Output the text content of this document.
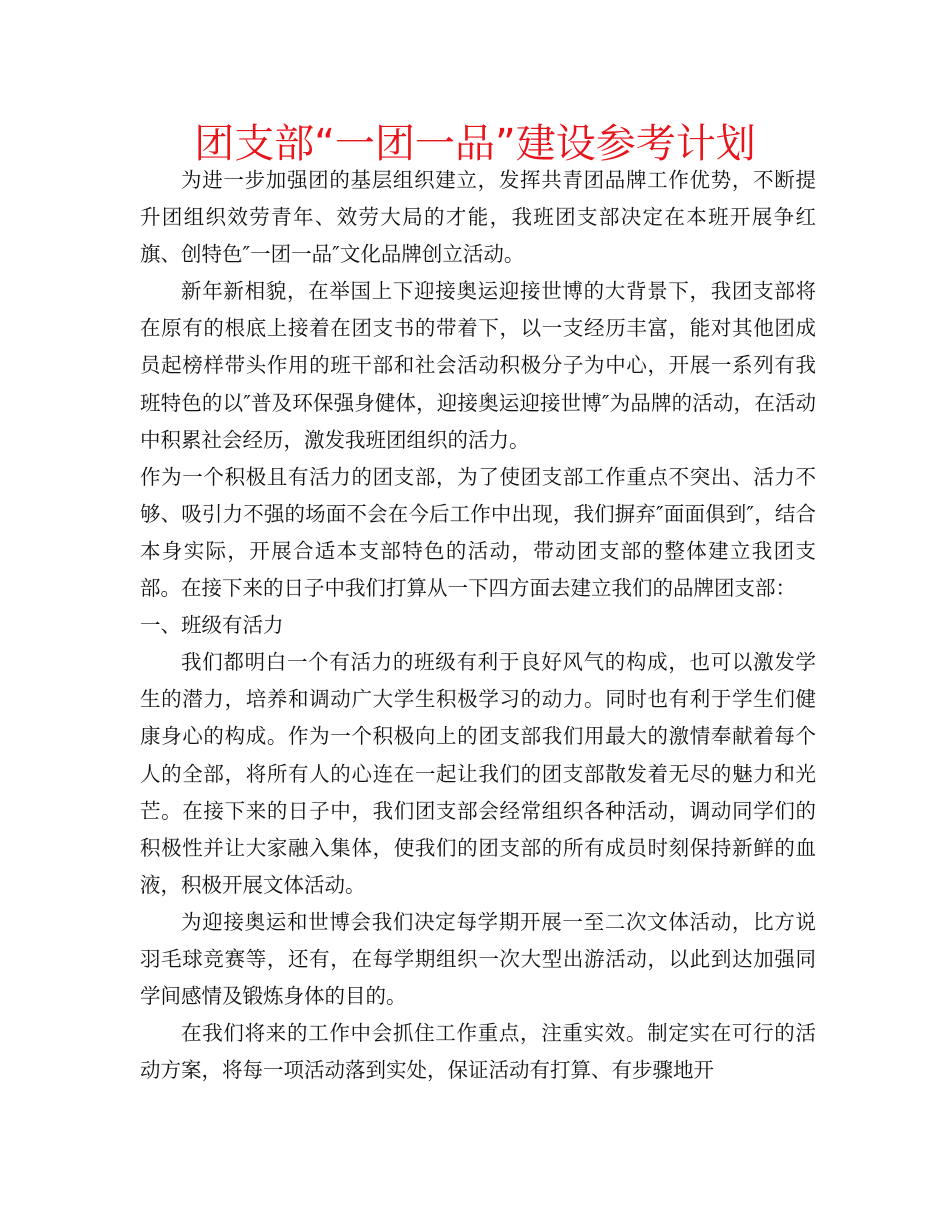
团支部“一团一品”建设参考计划

为进一步加强团的基层组织建立，发挥共青团品牌工作优势，不断提升团组织效劳青年、效劳大局的才能，我班团支部决定在本班开展争红旗、创特色″一团一品″文化品牌创立活动。

新年新相貌，在举国上下迎接奥运迎接世博的大背景下，我团支部将在原有的根底上接着在团支书的带着下，以一支经历丰富，能对其他团成员起榜样带头作用的班干部和社会活动积极分子为中心，开展一系列有我班特色的以″普及环保强身健体，迎接奥运迎接世博″为品牌的活动，在活动中积累社会经历，激发我班团组织的活力。

作为一个积极且有活力的团支部，为了使团支部工作重点不突出、活力不够、吸引力不强的场面不会在今后工作中出现，我们摒弃″面面俱到″，结合本身实际，开展合适本支部特色的活动，带动团支部的整体建立我团支部。在接下来的日子中我们打算从一下四方面去建立我们的品牌团支部：

一、班级有活力

我们都明白一个有活力的班级有利于良好风气的构成，也可以激发学生的潜力，培养和调动广大学生积极学习的动力。同时也有利于学生们健康身心的构成。作为一个积极向上的团支部我们用最大的激情奉献着每个人的全部，将所有人的心连在一起让我们的团支部散发着无尽的魅力和光芒。在接下来的日子中，我们团支部会经常组织各种活动，调动同学们的积极性并让大家融入集体，使我们的团支部的所有成员时刻保持新鲜的血液，积极开展文体活动。

为迎接奥运和世博会我们决定每学期开展一至二次文体活动，比方说羽毛球竞赛等，还有，在每学期组织一次大型出游活动，以此到达加强同学间感情及锻炼身体的目的。

在我们将来的工作中会抓住工作重点，注重实效。制定实在可行的活动方案，将每一项活动落到实处，保证活动有打算、有步骤地开
